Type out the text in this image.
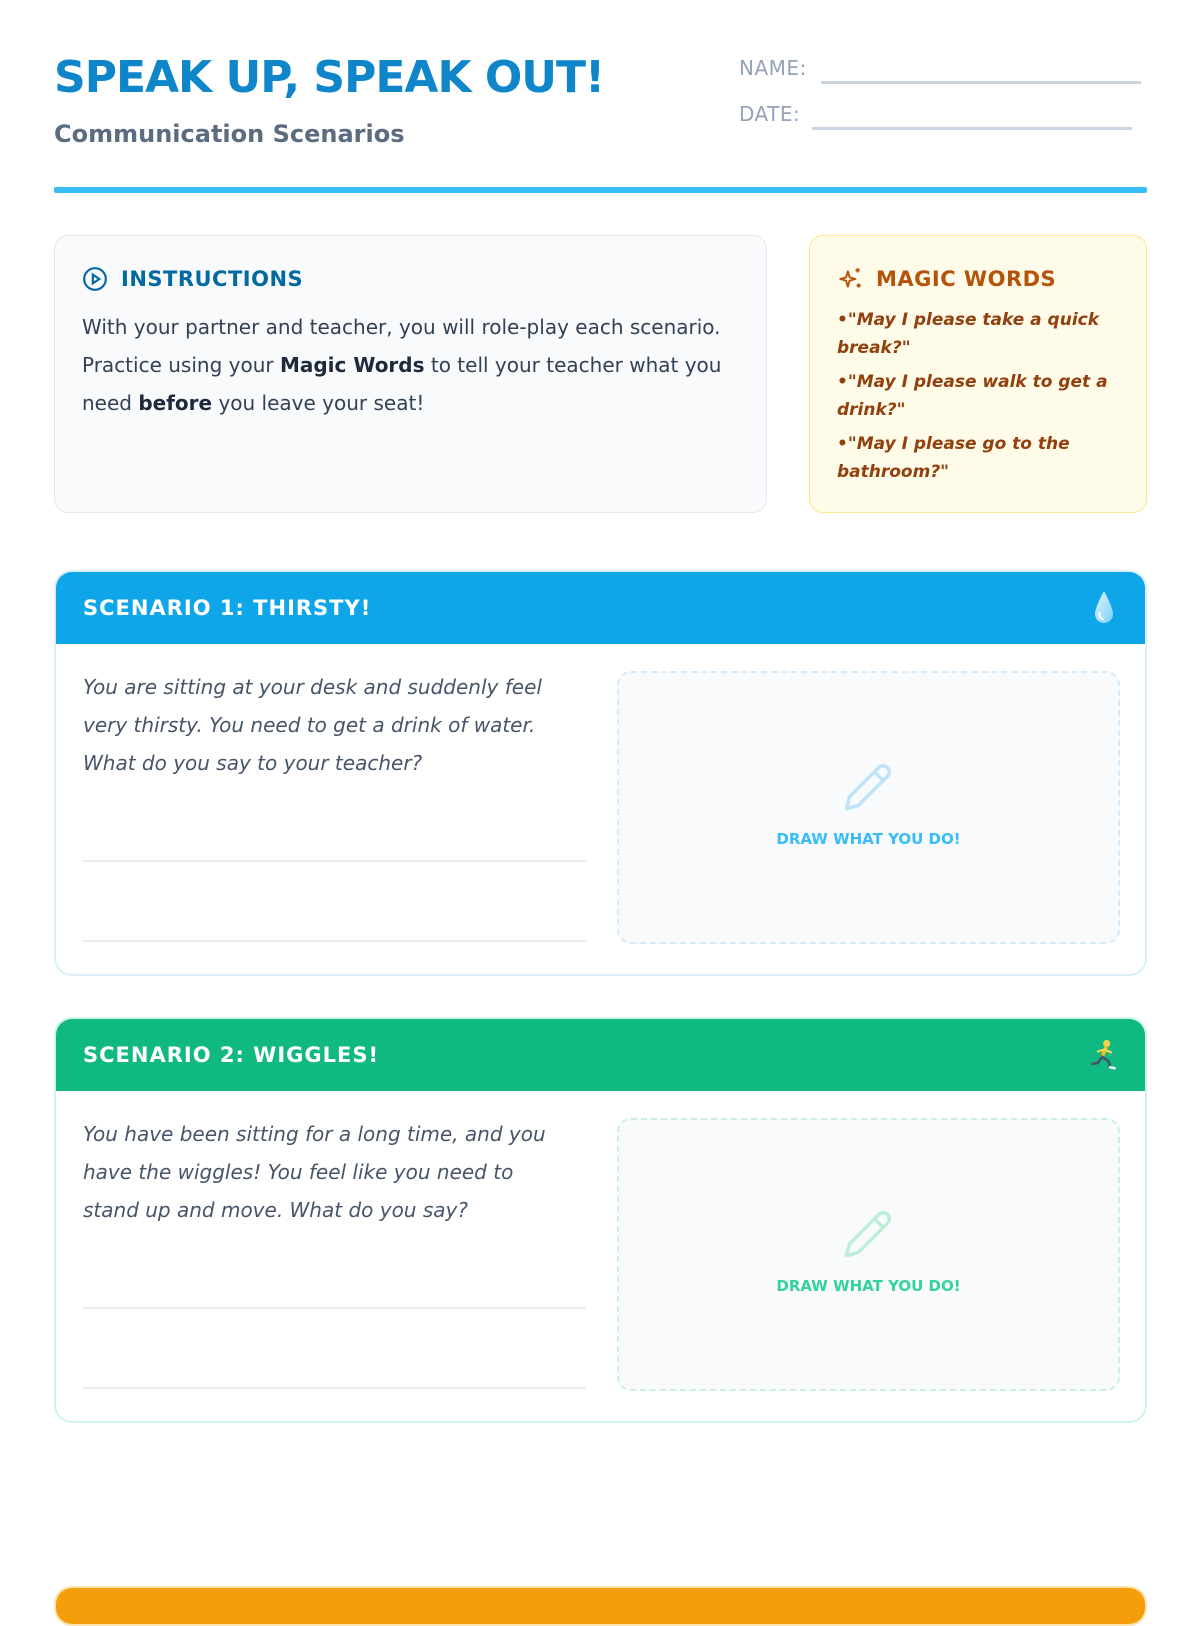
SPEAK UP, SPEAK OUT!
Communication Scenarios
NAME:
DATE:
INSTRUCTIONS
With your partner and teacher, you will role-play each scenario. Practice using your Magic Words to tell your teacher what you need before you leave your seat!
MAGIC WORDS
• "May I please take a quick break?"
• "May I please walk to get a drink?"
• "May I please go to the bathroom?"
SCENARIO 1: THIRSTY!
You are sitting at your desk and suddenly feel very thirsty. You need to get a drink of water. What do you say to your teacher?
DRAW WHAT YOU DO!
SCENARIO 2: WIGGLES!
You have been sitting for a long time, and you have the wiggles! You feel like you need to stand up and move. What do you say?
DRAW WHAT YOU DO!
